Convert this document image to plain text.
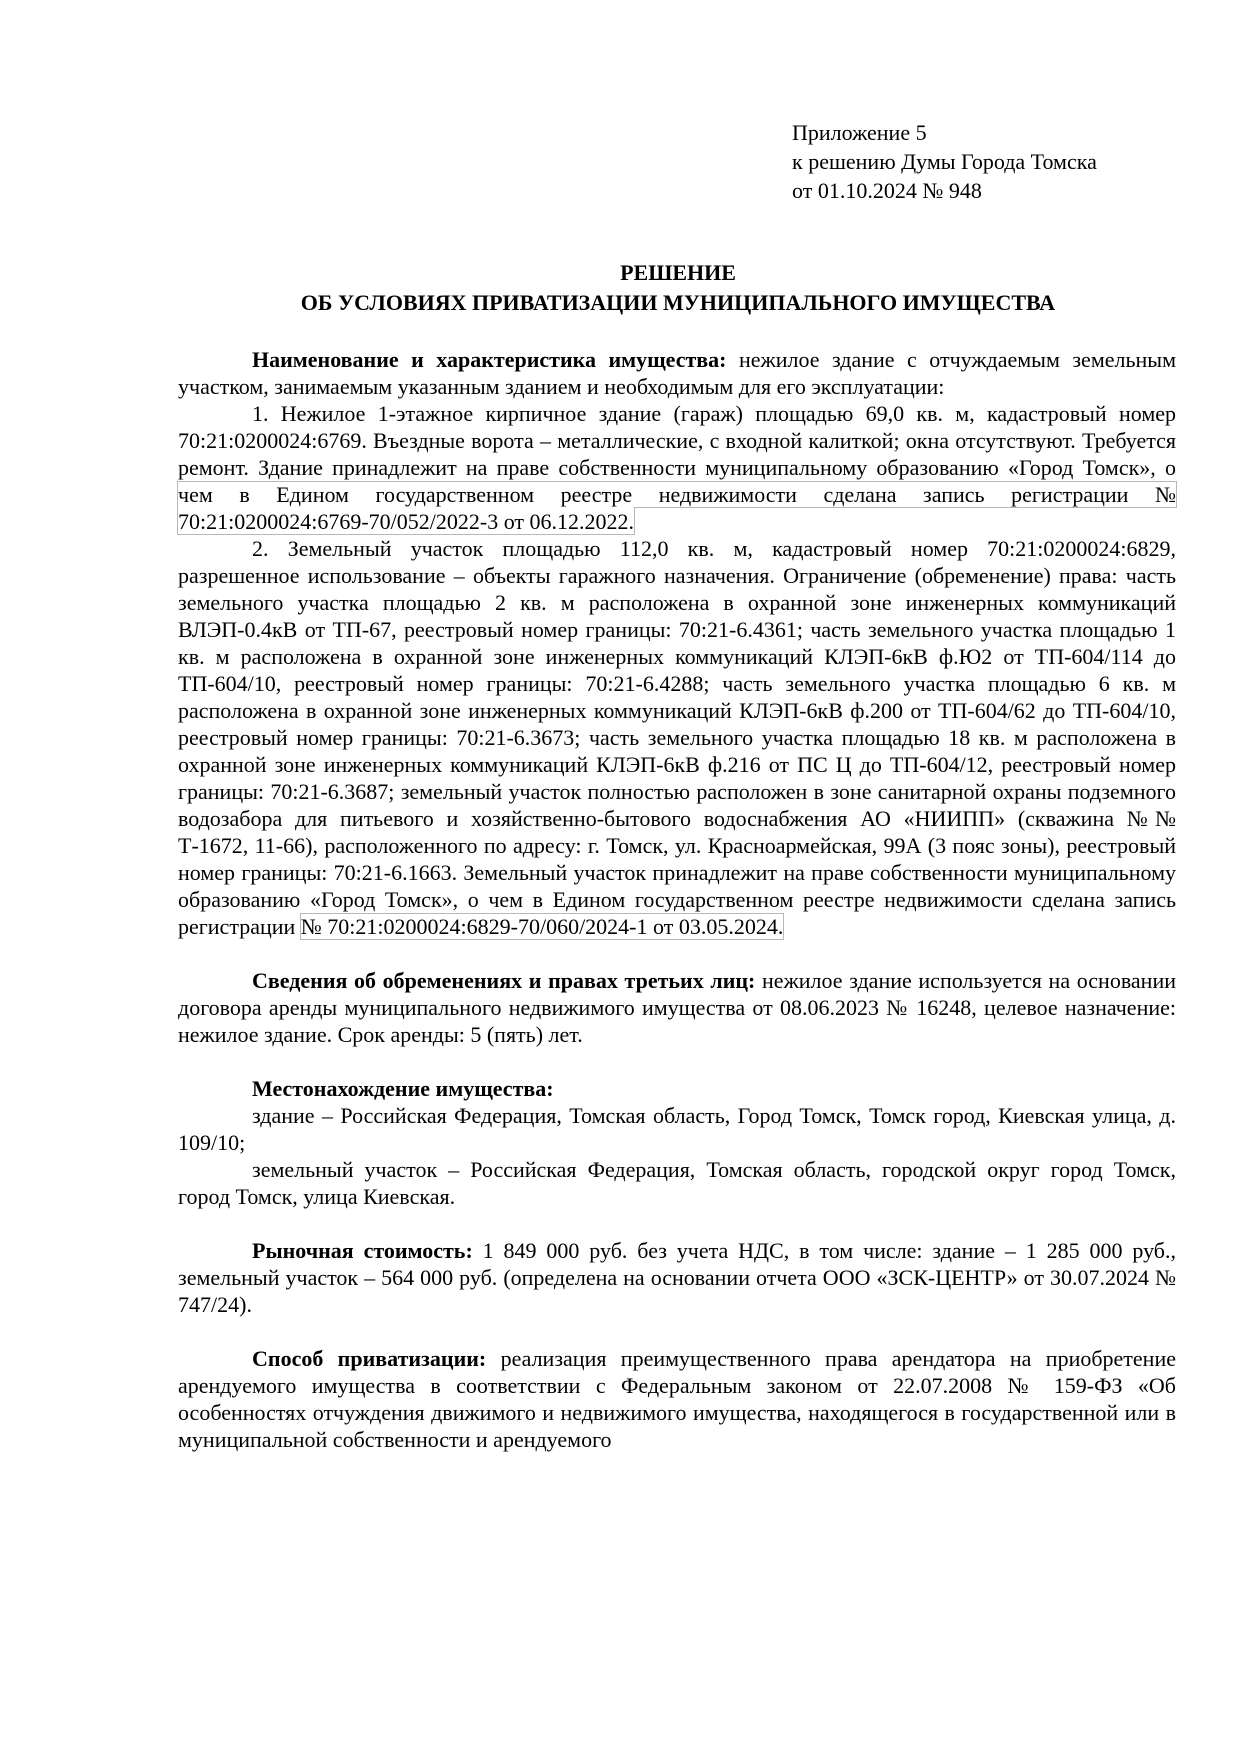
Приложение 5
к решению Думы Города Томска
от 01.10.2024 № 948
РЕШЕНИЕ
ОБ УСЛОВИЯХ ПРИВАТИЗАЦИИ МУНИЦИПАЛЬНОГО ИМУЩЕСТВА

Наименование и характеристика имущества: нежилое здание с отчуждаемым земельным участком, занимаемым указанным зданием и необходимым для его эксплуатации:

1. Нежилое 1-этажное кирпичное здание (гараж) площадью 69,0 кв. м, кадастровый номер 70:21:0200024:6769. Въездные ворота – металлические, с входной калиткой; окна отсутствуют. Требуется ремонт. Здание принадлежит на праве собственности муниципальному образованию «Город Томск», о чем в Едином государственном реестре недвижимости сделана запись регистрации № 70:21:0200024:6769-70/052/2022-3 от 06.12.2022.

2. Земельный участок площадью 112,0 кв. м, кадастровый номер 70:21:0200024:6829, разрешенное использование – объекты гаражного назначения. Ограничение (обременение) права: часть земельного участка площадью 2 кв. м расположена в охранной зоне инженерных коммуникаций ВЛЭП-0.4кВ от ТП-67, реестровый номер границы: 70:21-6.4361; часть земельного участка площадью 1 кв. м расположена в охранной зоне инженерных коммуникаций КЛЭП-6кВ ф.Ю2 от ТП-604/114 до ТП-604/10, реестровый номер границы: 70:21-6.4288; часть земельного участка площадью 6 кв. м расположена в охранной зоне инженерных коммуникаций КЛЭП-6кВ ф.200 от ТП-604/62 до ТП-604/10, реестровый номер границы: 70:21-6.3673; часть земельного участка площадью 18 кв. м расположена в охранной зоне инженерных коммуникаций КЛЭП-6кВ ф.216 от ПС Ц до ТП-604/12, реестровый номер границы: 70:21-6.3687; земельный участок полностью расположен в зоне санитарной охраны подземного водозабора для питьевого и хозяйственно-бытового водоснабжения АО «НИИПП» (скважина №№ Т-1672, 11-66), расположенного по адресу: г. Томск, ул. Красноармейская, 99А (3 пояс зоны), реестровый номер границы: 70:21-6.1663. Земельный участок принадлежит на праве собственности муниципальному образованию «Город Томск», о чем в Едином государственном реестре недвижимости сделана запись регистрации № 70:21:0200024:6829-70/060/2024-1 от 03.05.2024.

Сведения об обременениях и правах третьих лиц: нежилое здание используется на основании договора аренды муниципального недвижимого имущества от 08.06.2023 № 16248, целевое назначение: нежилое здание. Срок аренды: 5 (пять) лет.

Местонахождение имущества:

здание – Российская Федерация, Томская область, Город Томск, Томск город, Киевская улица, д. 109/10;

земельный участок – Российская Федерация, Томская область, городской округ город Томск, город Томск, улица Киевская.

Рыночная стоимость: 1 849 000 руб. без учета НДС, в том числе: здание – 1 285 000 руб., земельный участок – 564 000 руб. (определена на основании отчета ООО «ЗСК-ЦЕНТР» от 30.07.2024 № 747/24).

Способ приватизации: реализация преимущественного права арендатора на приобретение арендуемого имущества в соответствии с Федеральным законом от 22.07.2008 № 159-ФЗ «Об особенностях отчуждения движимого и недвижимого имущества, находящегося в государственной или в муниципальной собственности и арендуемого
